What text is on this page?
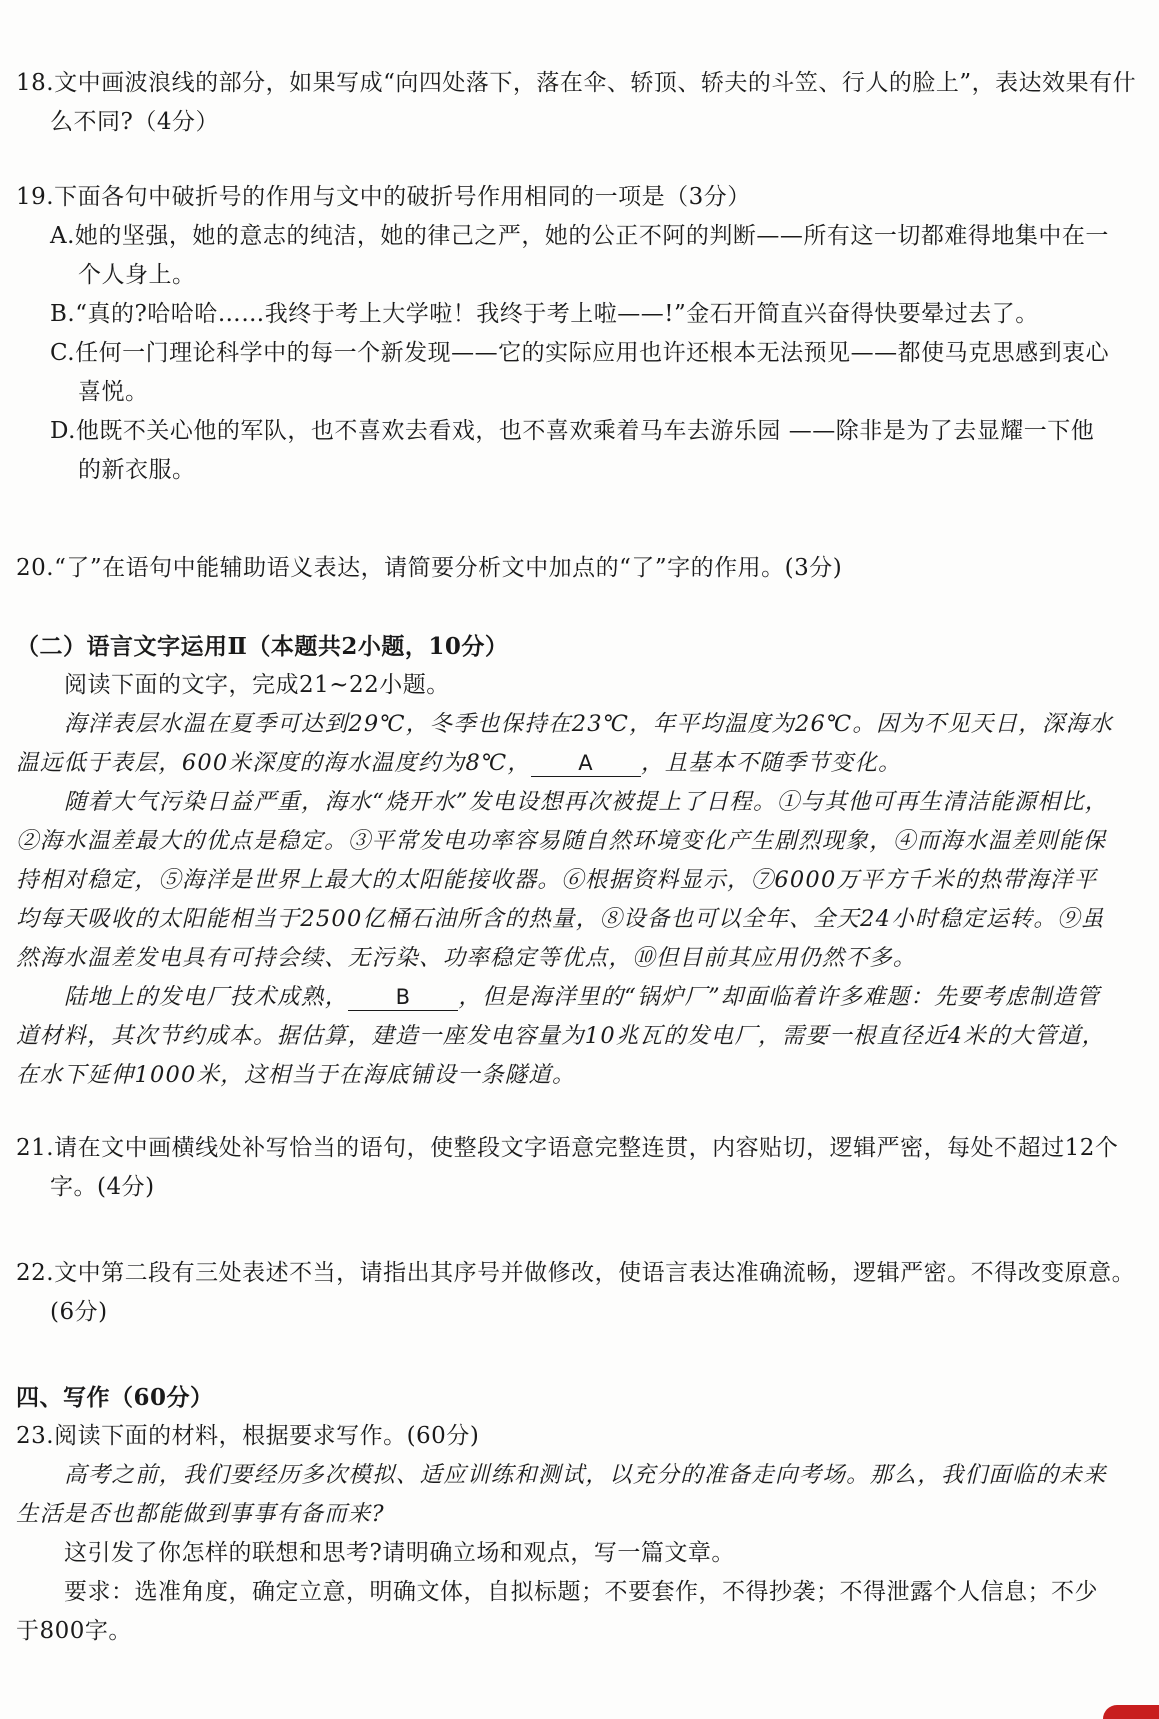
18.文中画波浪线的部分，如果写成“向四处落下，落在伞、轿顶、轿夫的斗笠、行人的脸上”，表达效果有什么不同?（4分）
19.下面各句中破折号的作用与文中的破折号作用相同的一项是（3分）
A.她的坚强，她的意志的纯洁，她的律己之严，她的公正不阿的判断——所有这一切都难得地集中在一个人身上。
B.“真的?哈哈哈……我终于考上大学啦！我终于考上啦——!”金石开简直兴奋得快要晕过去了。
C.任何一门理论科学中的每一个新发现——它的实际应用也许还根本无法预见——都使马克思感到衷心喜悦。
D.他既不关心他的军队，也不喜欢去看戏，也不喜欢乘着马车去游乐园 ——除非是为了去显耀一下他的新衣服。
20.“了”在语句中能辅助语义表达，请简要分析文中加点的“了”字的作用。(3分)
（二）语言文字运用Ⅱ（本题共2小题，10分）
阅读下面的文字，完成21~22小题。
海洋表层水温在夏季可达到29℃，冬季也保持在23℃，年平均温度为26℃。因为不见天日，深海水温远低于表层，600米深度的海水温度约为8℃， A ，且基本不随季节变化。
随着大气污染日益严重，海水“烧开水”发电设想再次被提上了日程。①与其他可再生清洁能源相比，②海水温差最大的优点是稳定。③平常发电功率容易随自然环境变化产生剧烈现象，④而海水温差则能保持相对稳定，⑤海洋是世界上最大的太阳能接收器。⑥根据资料显示，⑦6000万平方千米的热带海洋平均每天吸收的太阳能相当于2500亿桶石油所含的热量，⑧设备也可以全年、全天24小时稳定运转。⑨虽然海水温差发电具有可持会续、无污染、功率稳定等优点，⑩但目前其应用仍然不多。
陆地上的发电厂技术成熟， B ，但是海洋里的“锅炉厂”却面临着许多难题：先要考虑制造管道材料，其次节约成本。据估算，建造一座发电容量为10兆瓦的发电厂，需要一根直径近4米的大管道，在水下延伸1000米，这相当于在海底铺设一条隧道。
21.请在文中画横线处补写恰当的语句，使整段文字语意完整连贯，内容贴切，逻辑严密，每处不超过12个字。(4分)
22.文中第二段有三处表述不当，请指出其序号并做修改，使语言表达准确流畅，逻辑严密。不得改变原意。(6分)
四、写作（60分）
23.阅读下面的材料，根据要求写作。(60分)
高考之前，我们要经历多次模拟、适应训练和测试，以充分的准备走向考场。那么，我们面临的未来生活是否也都能做到事事有备而来?
这引发了你怎样的联想和思考?请明确立场和观点，写一篇文章。
要求：选准角度，确定立意，明确文体，自拟标题；不要套作，不得抄袭；不得泄露个人信息；不少于800字。
